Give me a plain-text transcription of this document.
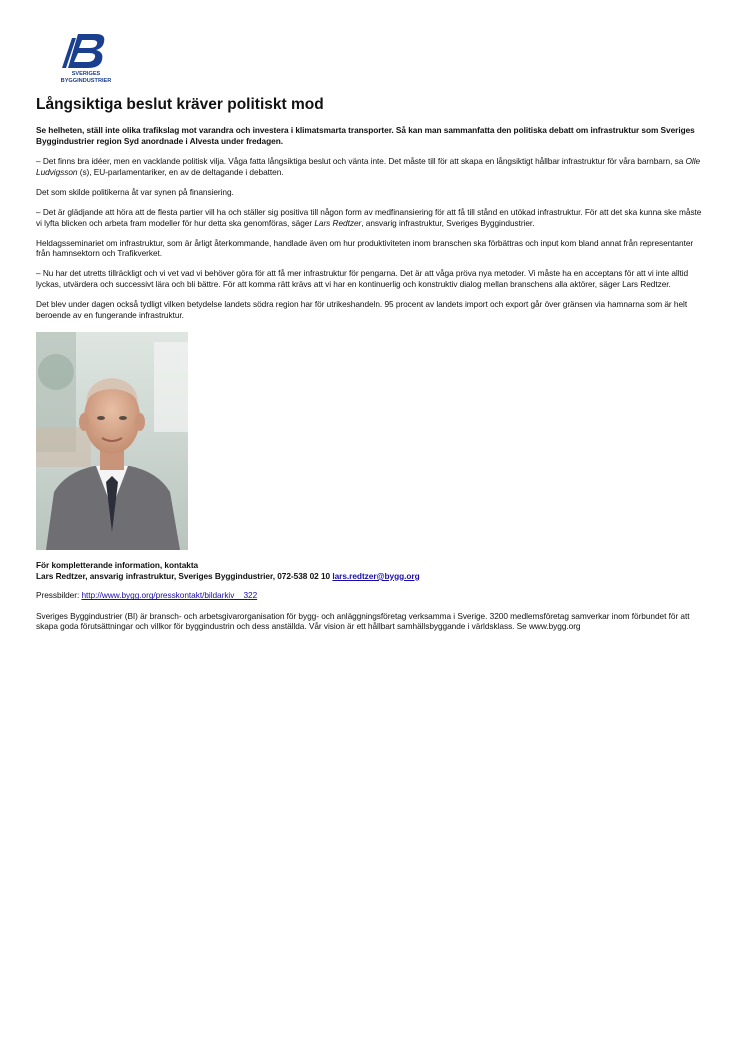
SVERIGES
BYGGINDUSTRIER
Långsiktiga beslut kräver politiskt mod

Se helheten, ställ inte olika trafikslag mot varandra och investera i klimatsmarta transporter. Så kan man sammanfatta den politiska debatt om infrastruktur som Sveriges Byggindustrier region Syd anordnade i Alvesta under fredagen.

– Det finns bra idéer, men en vacklande politisk vilja. Våga fatta långsiktiga beslut och vänta inte. Det måste till för att skapa en långsiktigt hållbar infrastruktur för våra barnbarn, sa Olle Ludvigsson (s), EU-parlamentariker, en av de deltagande i debatten.

Det som skilde politikerna åt var synen på finansiering.

– Det är glädjande att höra att de flesta partier vill ha och ställer sig positiva till någon form av medfinansiering för att få till stånd en utökad infrastruktur. För att det ska kunna ske måste vi lyfta blicken och arbeta fram modeller för hur detta ska genomföras, säger Lars Redtzer, ansvarig infrastruktur, Sveriges Byggindustrier.

Heldagsseminariet om infrastruktur, som är årligt återkommande, handlade även om hur produktiviteten inom branschen ska förbättras och input kom bland annat från representanter från hamnsektorn och Trafikverket.

– Nu har det utretts tillräckligt och vi vet vad vi behöver göra för att få mer infrastruktur för pengarna. Det är att våga pröva nya metoder. Vi måste ha en acceptans för att vi inte alltid lyckas, utvärdera och successivt lära och bli bättre. För att komma rätt krävs att vi har en kontinuerlig och konstruktiv dialog mellan branschens alla aktörer, säger Lars Redtzer.

Det blev under dagen också tydligt vilken betydelse landets södra region har för utrikeshandeln. 95 procent av landets import och export går över gränsen via hamnarna som är helt beroende av en fungerande infrastruktur.

För kompletterande information, kontakta
Lars Redtzer, ansvarig infrastruktur, Sveriges Byggindustrier, 072-538 02 10 lars.redtzer@bygg.org

Pressbilder: http://www.bygg.org/presskontakt/bildarkiv__322

Sveriges Byggindustrier (BI) är bransch- och arbetsgivarorganisation för bygg- och anläggningsföretag verksamma i Sverige. 3200 medlemsföretag samverkar inom förbundet för att skapa goda förutsättningar och villkor för byggindustrin och dess anställda. Vår vision är ett hållbart samhällsbyggande i världsklass. Se www.bygg.org
